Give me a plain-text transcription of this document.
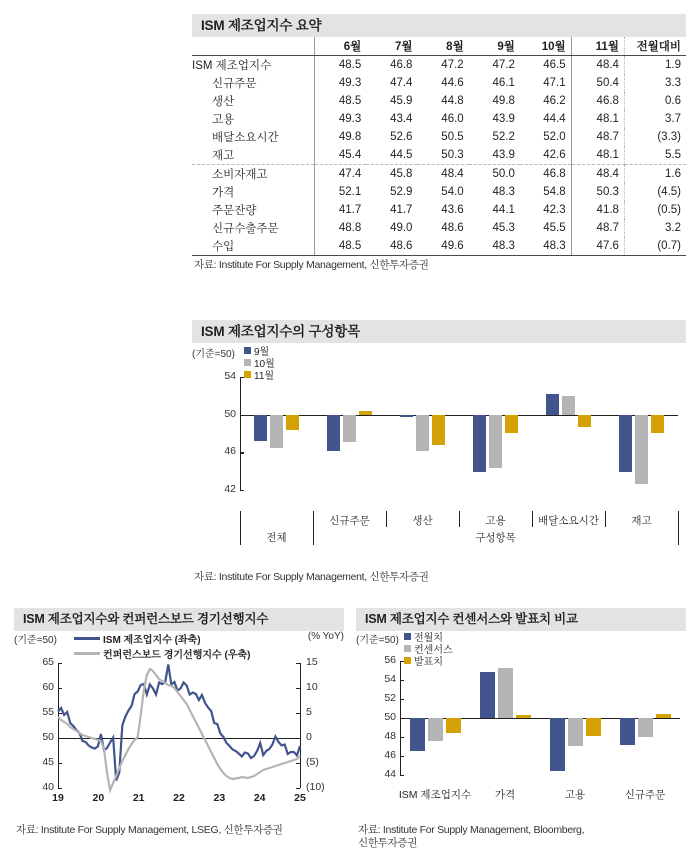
ISM 제조업지수 요약
	6월	7월	8월	9월	10월	11월	전월대비
ISM 제조업지수	48.5	46.8	47.2	47.2	46.5	48.4	1.9
신규주문	49.3	47.4	44.6	46.1	47.1	50.4	3.3
생산	48.5	45.9	44.8	49.8	46.2	46.8	0.6
고용	49.3	43.4	46.0	43.9	44.4	48.1	3.7
배달소요시간	49.8	52.6	50.5	52.2	52.0	48.7	(3.3)
재고	45.4	44.5	50.3	43.9	42.6	48.1	5.5
소비자재고	47.4	45.8	48.4	50.0	46.8	48.4	1.6
가격	52.1	52.9	54.0	48.3	54.8	50.3	(4.5)
주문잔량	41.7	41.7	43.6	44.1	42.3	41.8	(0.5)
신규수출주문	48.8	49.0	48.6	45.3	45.5	48.7	3.2
수입	48.5	48.6	49.6	48.3	48.3	47.6	(0.7)
자료: Institute For Supply Management, 신한투자증권
ISM 제조업지수의 구성항목
(기준=50) 9월
10월
11월
42
46
50
54
전체
신규주문	생산	고용	배달소요시간	재고
구성항목
자료: Institute For Supply Management, 신한투자증권
ISM 제조업지수와 컨퍼런스보드 경기선행지수
(기준=50)	(% YoY)
ISM 제조업지수 (좌축)
컨퍼런스보드 경기선행지수 (우축)
40
45
50
55
60
65
(10)
(5)
0
5
10
15
19	20	21	22	23	24	25
자료: Institute For Supply Management, LSEG, 신한투자증권
ISM 제조업지수 컨센서스와 발표치 비교
(기준=50) 전월치
컨센서스
발표치
44
46
48
50
52
54
56
ISM 제조업지수	가격	고용	신규주문
자료: Institute For Supply Management, Bloomberg,
신한투자증권
